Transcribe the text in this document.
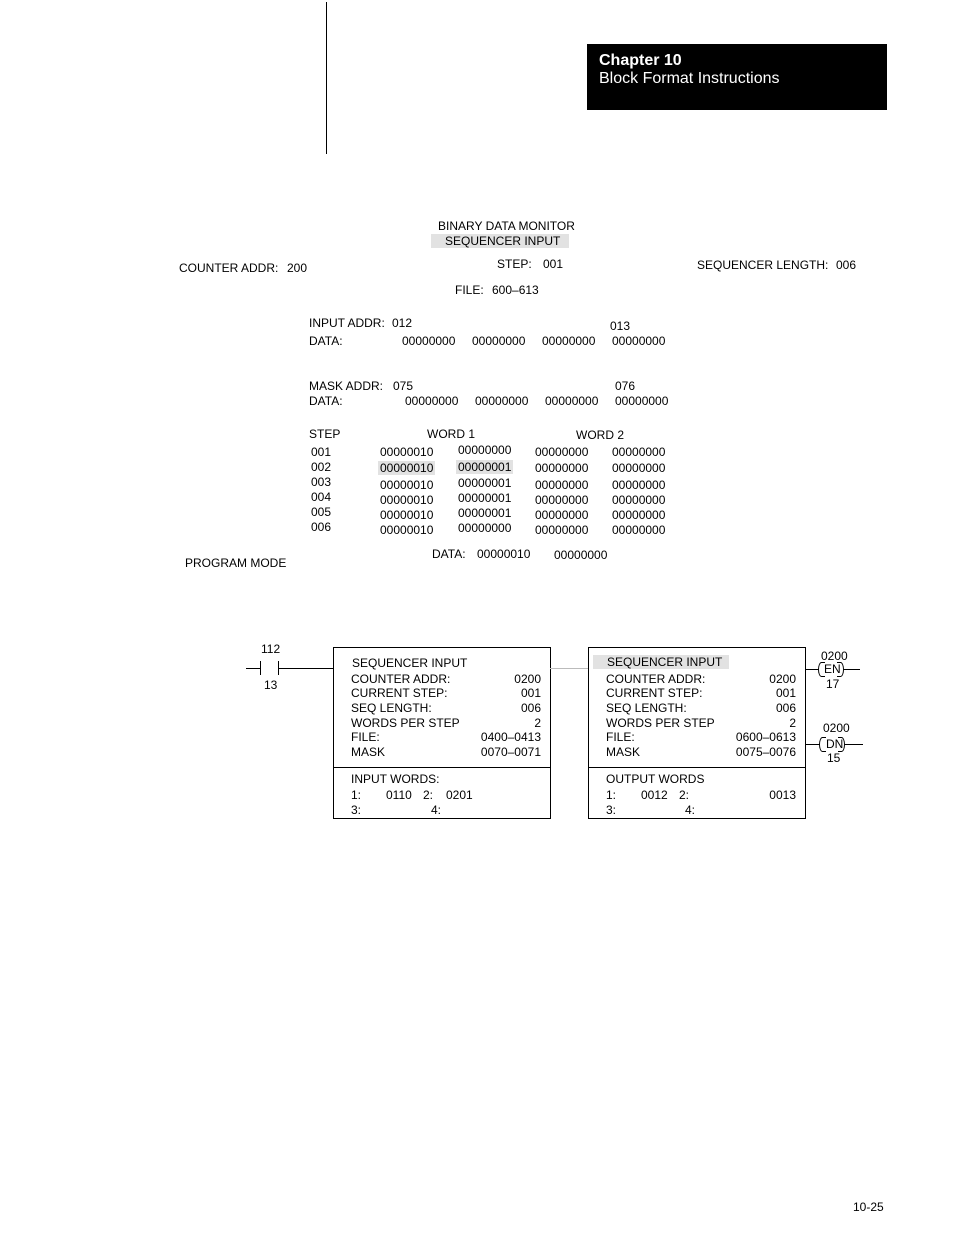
Chapter 10
Block Format Instructions
BINARY DATA MONITOR
SEQUENCER INPUT
COUNTER ADDR: 200	STEP: 001	SEQUENCER LENGTH: 006
FILE: 600–613
INPUT ADDR: 012	013
DATA:	00000000 00000000 00000000 00000000
MASK ADDR: 075	076
DATA:	00000000 00000000 00000000 00000000
STEP	WORD 1	WORD 2
001	00000010 00000000 00000000 00000000
002	00000010 00000001 00000000 00000000
003	00000010 00000001 00000000 00000000
004	00000010 00000001 00000000 00000000
005	00000010 00000001 00000000 00000000
006	00000010 00000000 00000000 00000000
DATA: 00000010 00000000
PROGRAM MODE
112
13
SEQUENCER INPUT
COUNTER ADDR:	0200
CURRENT STEP:	001
SEQ LENGTH:	006
WORDS PER STEP	2
FILE:	0400–0413
MASK	0070–0071
INPUT WORDS:
1: 0110 2: 0201
3:	4:
SEQUENCER INPUT
COUNTER ADDR:	0200
CURRENT STEP:	001
SEQ LENGTH:	006
WORDS PER STEP	2
FILE:	0600–0613
MASK	0075–0076
OUTPUT WORDS
1: 0012 2:	0013
3:	4:
0200
EN
17
0200
DN
15
10-25
